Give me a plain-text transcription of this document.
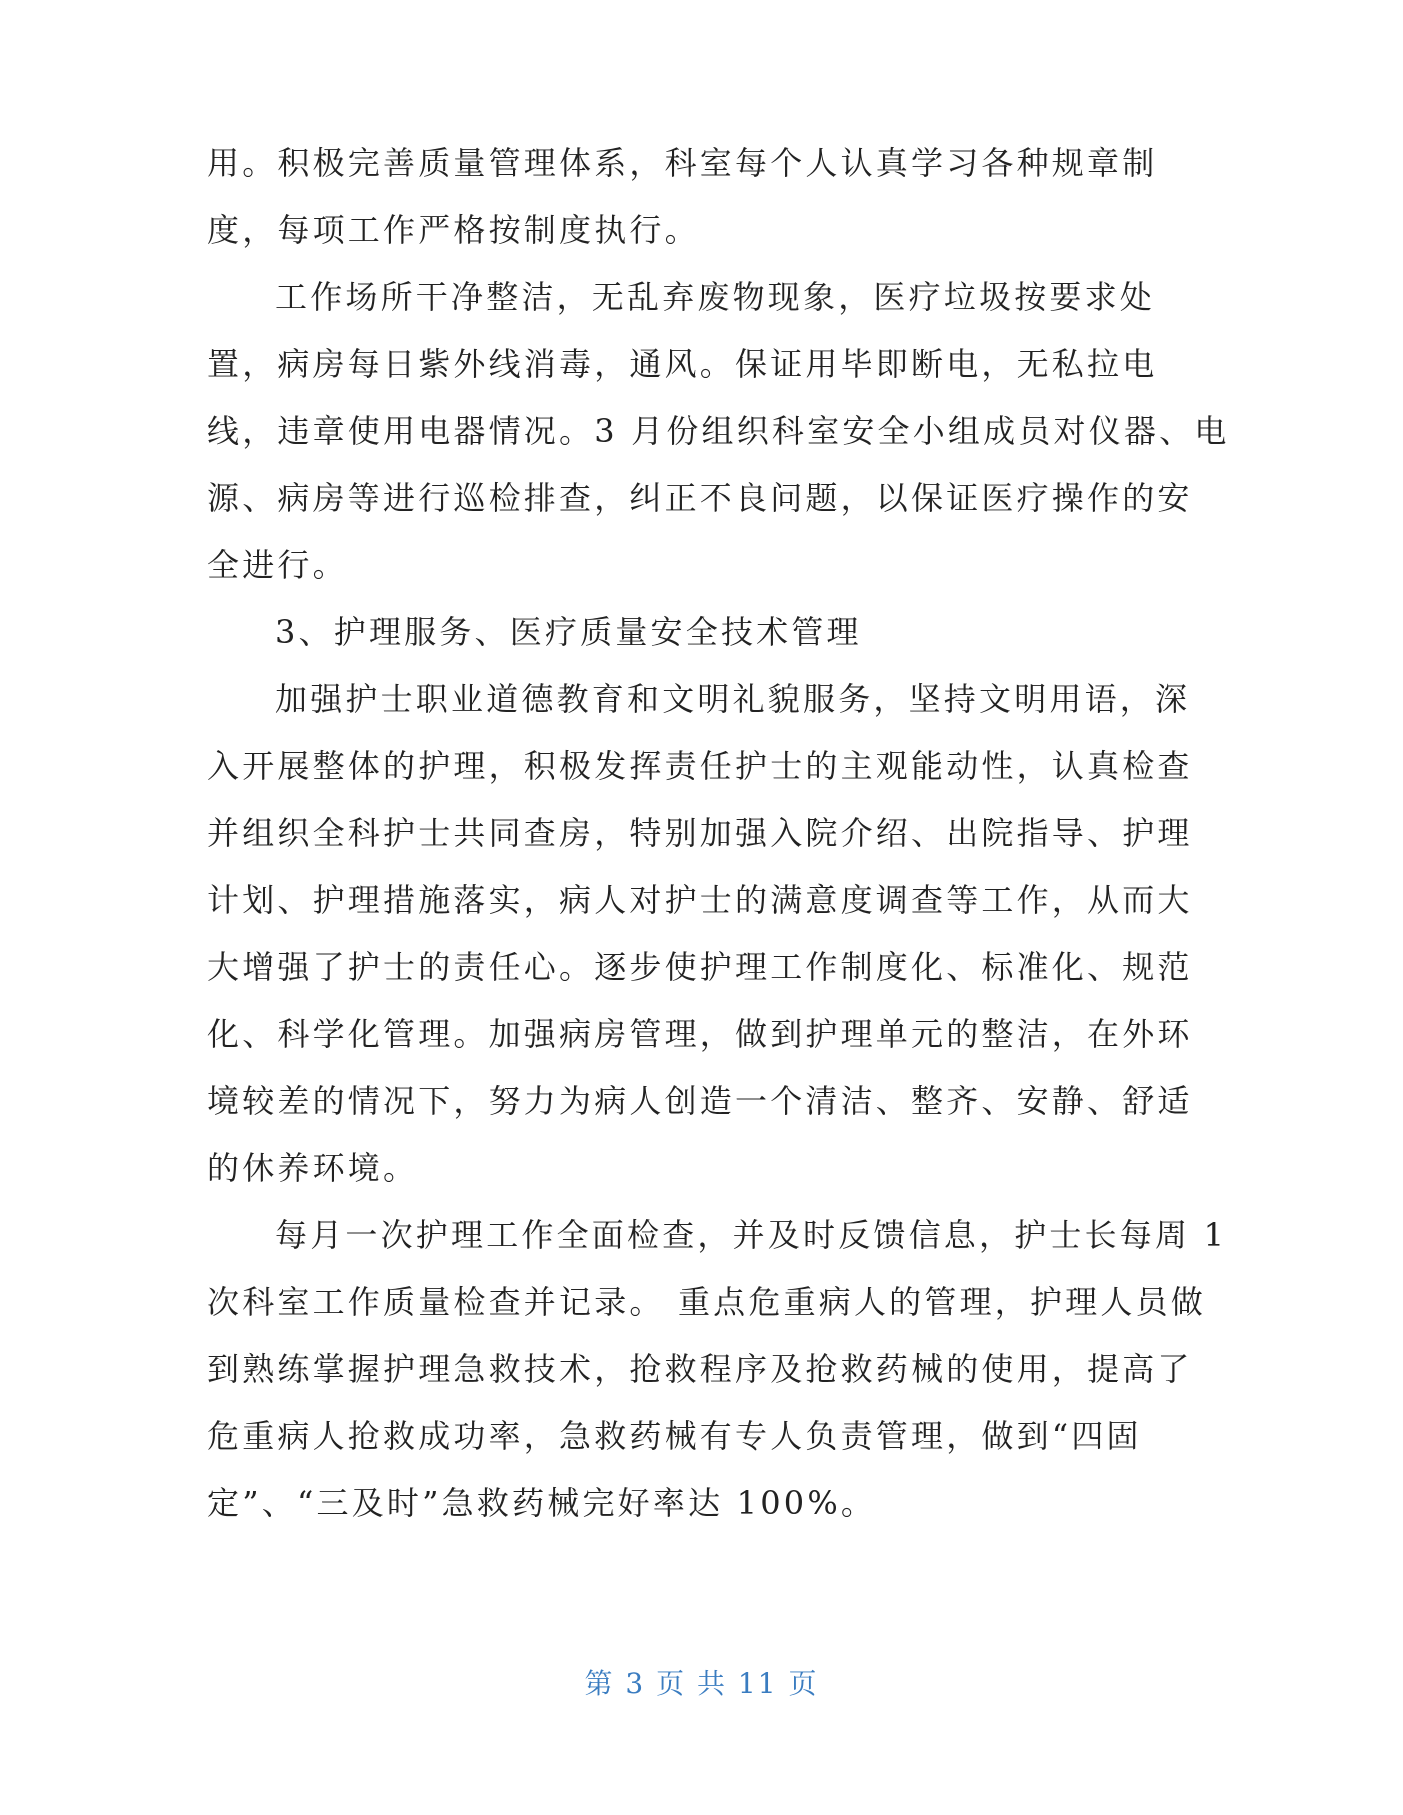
用。积极完善质量管理体系，科室每个人认真学习各种规章制
度，每项工作严格按制度执行。
工作场所干净整洁，无乱弃废物现象，医疗垃圾按要求处
置，病房每日紫外线消毒，通风。保证用毕即断电，无私拉电
线，违章使用电器情况。3 月份组织科室安全小组成员对仪器、电
源、病房等进行巡检排查，纠正不良问题，以保证医疗操作的安
全进行。
3、护理服务、医疗质量安全技术管理
加强护士职业道德教育和文明礼貌服务，坚持文明用语，深
入开展整体的护理，积极发挥责任护士的主观能动性，认真检查
并组织全科护士共同查房，特别加强入院介绍、出院指导、护理
计划、护理措施落实，病人对护士的满意度调查等工作，从而大
大增强了护士的责任心。逐步使护理工作制度化、标准化、规范
化、科学化管理。加强病房管理，做到护理单元的整洁，在外环
境较差的情况下，努力为病人创造一个清洁、整齐、安静、舒适
的休养环境。
每月一次护理工作全面检查，并及时反馈信息，护士长每周 1
次科室工作质量检查并记录。 重点危重病人的管理，护理人员做
到熟练掌握护理急救技术，抢救程序及抢救药械的使用，提高了
危重病人抢救成功率，急救药械有专人负责管理，做到“四固
定”、“三及时”急救药械完好率达 100%。
第 3 页 共 11 页
